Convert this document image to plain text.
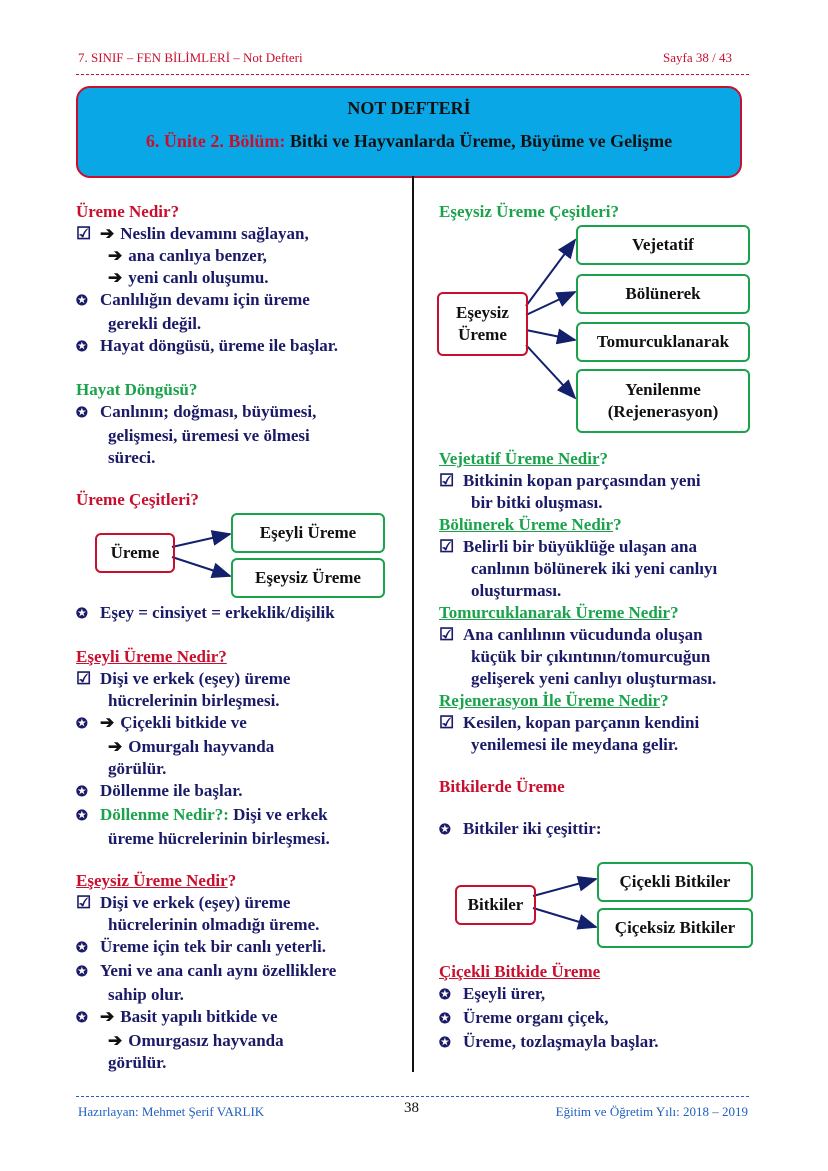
7. SINIF – FEN BİLİMLERİ – Not Defteri	Sayfa 38 / 43
NOT DEFTERİ
6. Ünite 2. Bölüm: Bitki ve Hayvanlarda Üreme, Büyüme ve Gelişme
Üreme Nedir?
☑ ➔ Neslin devamını sağlayan,
➔ ana canlıya benzer,
➔ yeni canlı oluşumu.
✪ Canlılığın devamı için üreme
gerekli değil.
✪ Hayat döngüsü, üreme ile başlar.
Hayat Döngüsü?
✪ Canlının; doğması, büyümesi,
gelişmesi, üremesi ve ölmesi
süreci.
Üreme Çeşitleri?
Üreme
Eşeyli Üreme
Eşeysiz Üreme
✪ Eşey = cinsiyet = erkeklik/dişilik
Eşeyli Üreme Nedir?
☑ Dişi ve erkek (eşey) üreme
hücrelerinin birleşmesi.
✪ ➔ Çiçekli bitkide ve
➔ Omurgalı hayvanda
görülür.
✪ Döllenme ile başlar.
✪ Döllenme Nedir?: Dişi ve erkek
üreme hücrelerinin birleşmesi.
Eşeysiz Üreme Nedir?
☑ Dişi ve erkek (eşey) üreme
hücrelerinin olmadığı üreme.
✪ Üreme için tek bir canlı yeterli.
✪ Yeni ve ana canlı aynı özelliklere
sahip olur.
✪ ➔ Basit yapılı bitkide ve
➔ Omurgasız hayvanda
görülür.
Eşeysiz Üreme Çeşitleri?
Eşeysiz
Üreme
Vejetatif
Bölünerek
Tomurcuklanarak
Yenilenme
(Rejenerasyon)
Vejetatif Üreme Nedir?
☑ Bitkinin kopan parçasından yeni
bir bitki oluşması.
Bölünerek Üreme Nedir?
☑ Belirli bir büyüklüğe ulaşan ana
canlının bölünerek iki yeni canlıyı
oluşturması.
Tomurcuklanarak Üreme Nedir?
☑ Ana canlılının vücudunda oluşan
küçük bir çıkıntının/tomurcuğun
gelişerek yeni canlıyı oluşturması.
Rejenerasyon İle Üreme Nedir?
☑ Kesilen, kopan parçanın kendini
yenilemesi ile meydana gelir.
Bitkilerde Üreme
✪ Bitkiler iki çeşittir:
Bitkiler
Çiçekli Bitkiler
Çiçeksiz Bitkiler
Çiçekli Bitkide Üreme
✪ Eşeyli ürer,
✪ Üreme organı çiçek,
✪ Üreme, tozlaşmayla başlar.
Hazırlayan: Mehmet Şerif VARLIK	38	Eğitim ve Öğretim Yılı: 2018 – 2019
